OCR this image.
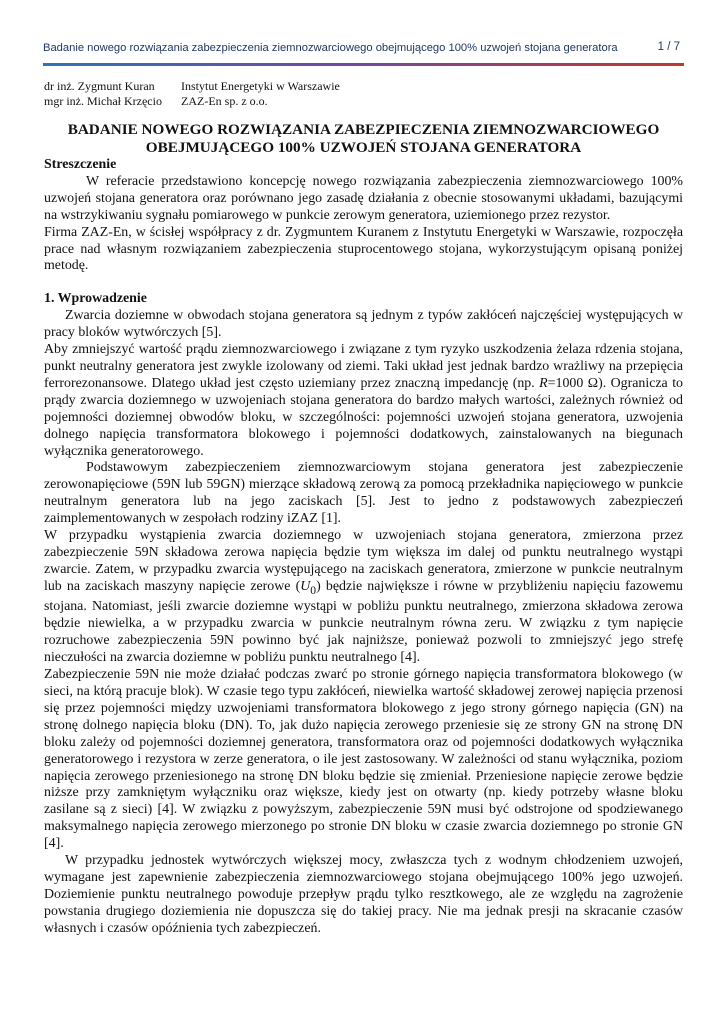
Badanie nowego rozwiązania zabezpieczenia ziemnozwarciowego obejmującego 100% uzwojeń stojana generatora	1 / 7
dr inż. Zygmunt Kuran Instytut Energetyki w Warszawie
mgr inż. Michał Krzęcio ZAZ-En sp. z o.o.

BADANIE NOWEGO ROZWIĄZANIA ZABEZPIECZENIA ZIEMNOZWARCIOWEGO OBEJMUJĄCEGO 100% UZWOJEŃ STOJANA GENERATORA

Streszczenie

W referacie przedstawiono koncepcję nowego rozwiązania zabezpieczenia ziemnozwarciowego 100% uzwojeń stojana generatora oraz porównano jego zasadę działania z obecnie stosowanymi układami, bazującymi na wstrzykiwaniu sygnału pomiarowego w punkcie zerowym generatora, uziemionego przez rezystor.

Firma ZAZ-En, w ścisłej współpracy z dr. Zygmuntem Kuranem z Instytutu Energetyki w Warszawie, rozpoczęła prace nad własnym rozwiązaniem zabezpieczenia stuprocentowego stojana, wykorzystującym opisaną poniżej metodę.

1. Wprowadzenie

Zwarcia doziemne w obwodach stojana generatora są jednym z typów zakłóceń najczęściej występujących w pracy bloków wytwórczych [5].

Aby zmniejszyć wartość prądu ziemnozwarciowego i związane z tym ryzyko uszkodzenia żelaza rdzenia stojana, punkt neutralny generatora jest zwykle izolowany od ziemi. Taki układ jest jednak bardzo wrażliwy na przepięcia ferrorezonansowe. Dlatego układ jest często uziemiany przez znaczną impedancję (np. R=1000 Ω). Ogranicza to prądy zwarcia doziemnego w uzwojeniach stojana generatora do bardzo małych wartości, zależnych również od pojemności doziemnej obwodów bloku, w szczególności: pojemności uzwojeń stojana generatora, uzwojenia dolnego napięcia transformatora blokowego i pojemności dodatkowych, zainstalowanych na biegunach wyłącznika generatorowego.

Podstawowym zabezpieczeniem ziemnozwarciowym stojana generatora jest zabezpieczenie zerowonapięciowe (59N lub 59GN) mierzące składową zerową za pomocą przekładnika napięciowego w punkcie neutralnym generatora lub na jego zaciskach [5]. Jest to jedno z podstawowych zabezpieczeń zaimplementowanych w zespołach rodziny iZAZ [1].

W przypadku wystąpienia zwarcia doziemnego w uzwojeniach stojana generatora, zmierzona przez zabezpieczenie 59N składowa zerowa napięcia będzie tym większa im dalej od punktu neutralnego wystąpi zwarcie. Zatem, w przypadku zwarcia występującego na zaciskach generatora, zmierzone w punkcie neutralnym lub na zaciskach maszyny napięcie zerowe $(U_0)$ będzie największe i równe w przybliżeniu napięciu fazowemu stojana. Natomiast, jeśli zwarcie doziemne wystąpi w pobliżu punktu neutralnego, zmierzona składowa zerowa będzie niewielka, a w przypadku zwarcia w punkcie neutralnym równa zeru. W związku z tym napięcie rozruchowe zabezpieczenia 59N powinno być jak najniższe, ponieważ pozwoli to zmniejszyć jego strefę nieczułości na zwarcia doziemne w pobliżu punktu neutralnego [4].

Zabezpieczenie 59N nie może działać podczas zwarć po stronie górnego napięcia transformatora blokowego (w sieci, na którą pracuje blok). W czasie tego typu zakłóceń, niewielka wartość składowej zerowej napięcia przenosi się przez pojemności między uzwojeniami transformatora blokowego z jego strony górnego napięcia (GN) na stronę dolnego napięcia bloku (DN). To, jak dużo napięcia zerowego przeniesie się ze strony GN na stronę DN bloku zależy od pojemności doziemnej generatora, transformatora oraz od pojemności dodatkowych wyłącznika generatorowego i rezystora w zerze generatora, o ile jest zastosowany. W zależności od stanu wyłącznika, poziom napięcia zerowego przeniesionego na stronę DN bloku będzie się zmieniał. Przeniesione napięcie zerowe będzie niższe przy zamkniętym wyłączniku oraz większe, kiedy jest on otwarty (np. kiedy potrzeby własne bloku zasilane są z sieci) [4]. W związku z powyższym, zabezpieczenie 59N musi być odstrojone od spodziewanego maksymalnego napięcia zerowego mierzonego po stronie DN bloku w czasie zwarcia doziemnego po stronie GN [4].

W przypadku jednostek wytwórczych większej mocy, zwłaszcza tych z wodnym chłodzeniem uzwojeń, wymagane jest zapewnienie zabezpieczenia ziemnozwarciowego stojana obejmującego 100% jego uzwojeń. Doziemienie punktu neutralnego powoduje przepływ prądu tylko resztkowego, ale ze względu na zagrożenie powstania drugiego doziemienia nie dopuszcza się do takiej pracy. Nie ma jednak presji na skracanie czasów własnych i czasów opóźnienia tych zabezpieczeń.
